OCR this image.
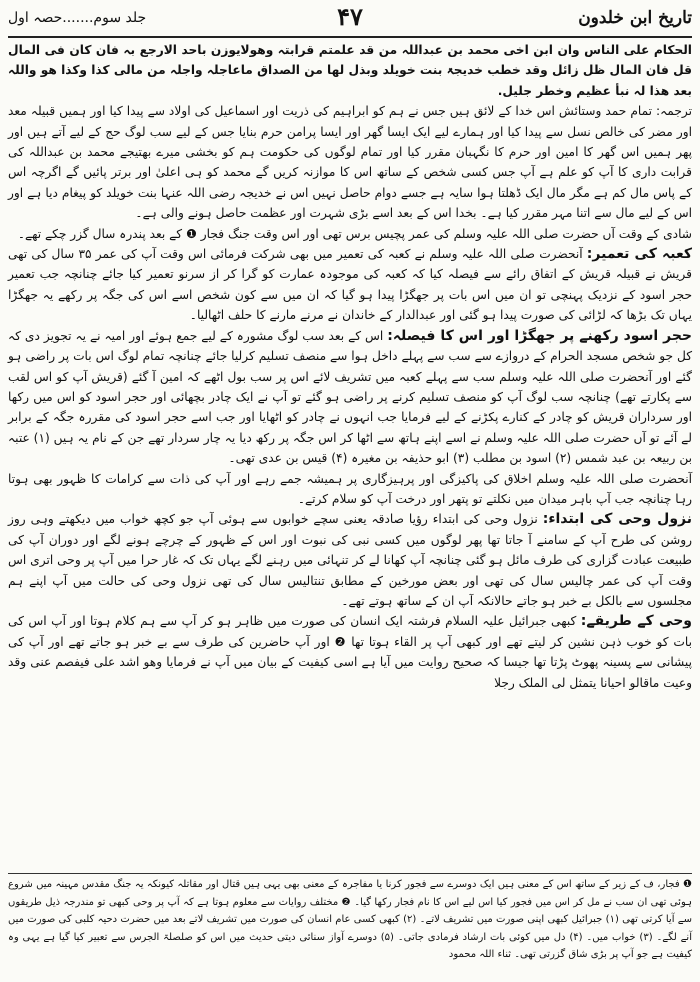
تاریخ ابن خلدون
۴۷
جلد سوم.......حصہ اول

الحکام علی الناس وان ابن اخی محمد بن عبداللہ من قد علمتم قرابتہ وھولایوزن باحد الارجع بہ فان کان فی المال قل فان المال ظل زائل وقد خطب خدیجۃ بنت خویلد وبذل لھا من الصداق ماعاجلہ واجلہ من مالی کذا وکذا ھو واللہ بعد ھذا لہ نبأ عظیم وخطر جلیل.

ترجمہ: تمام حمد وستائش اس خدا کے لائق ہیں جس نے ہم کو ابراہیم کی ذریت اور اسماعیل کی اولاد سے پیدا کیا اور ہمیں قبیلہ معد اور مضر کی خالص نسل سے پیدا کیا اور ہمارے لیے ایک ایسا گھر اور ایسا پرامن حرم بنایا جس کے لیے سب لوگ حج کے لیے آتے ہیں اور پھر ہمیں اس گھر کا امین اور حرم کا نگہبان مقرر کیا اور تمام لوگوں کی حکومت ہم کو بخشی میرے بھتیجے محمد بن عبداللہ کی قرابت داری کا آپ کو علم ہے آپ جس کسی شخص کے ساتھ اس کا موازنہ کریں گے محمد کو ہی اعلیٰ اور برتر پائیں گے اگرچہ اس کے پاس مال کم ہے مگر مال ایک ڈھلتا ہوا سایہ ہے جسے دوام حاصل نہیں اس نے خدیجہ رضی اللہ عنہا بنت خویلد کو پیغام دیا ہے اور اس کے لیے مال سے اتنا مہر مقرر کیا ہے۔ بخدا اس کے بعد اسے بڑی شہرت اور عظمت حاصل ہونے والی ہے۔

شادی کے وقت آں حضرت صلی اللہ علیہ وسلم کی عمر پچیس برس تھی اور اس وقت جنگ فجار ❶ کے بعد پندرہ سال گزر چکے تھے۔

کعبہ کی تعمیر: آنحضرت صلی اللہ علیہ وسلم نے کعبہ کی تعمیر میں بھی شرکت فرمائی اس وقت آپ کی عمر ۳۵ سال کی تھی قریش نے قبیلہ قریش کے اتفاق رائے سے فیصلہ کیا کہ کعبہ کی موجودہ عمارت کو گرا کر از سرنو تعمیر کیا جائے چنانچہ جب تعمیر حجر اسود کے نزدیک پہنچی تو ان میں اس بات پر جھگڑا پیدا ہو گیا کہ ان میں سے کون شخص اسے اس کی جگہ پر رکھے یہ جھگڑا یہاں تک بڑھا کہ لڑائی کی صورت پیدا ہو گئی اور عبدالدار کے خاندان نے مرنے مارنے کا حلف اٹھالیا۔

حجر اسود رکھنے پر جھگڑا اور اس کا فیصلہ: اس کے بعد سب لوگ مشورہ کے لیے جمع ہوئے اور امیہ نے یہ تجویز دی کہ کل جو شخص مسجد الحرام کے دروازے سے سب سے پہلے داخل ہوا سے منصف تسلیم کرلیا جائے چنانچہ تمام لوگ اس بات پر راضی ہو گئے اور آنحضرت صلی اللہ علیہ وسلم سب سے پہلے کعبہ میں تشریف لائے اس پر سب بول اٹھے کہ امین آ گئے (قریش آپ کو اس لقب سے پکارتے تھے) چنانچہ سب لوگ آپ کو منصف تسلیم کرنے پر راضی ہو گئے تو آپ نے ایک چادر بچھائی اور حجر اسود کو اس میں رکھا اور سرداران قریش کو چادر کے کنارے پکڑنے کے لیے فرمایا جب انہوں نے چادر کو اٹھایا اور جب اسے حجر اسود کی مقررہ جگہ کے برابر لے آئے تو آں حضرت صلی اللہ علیہ وسلم نے اسے اپنے ہاتھ سے اٹھا کر اس جگہ پر رکھ دیا یہ چار سردار تھے جن کے نام یہ ہیں (۱) عتبہ بن ربیعہ بن عبد شمس (۲) اسود بن مطلب (۳) ابو حذیفہ بن مغیرہ (۴) قیس بن عدی تھی۔

آنحضرت صلی اللہ علیہ وسلم اخلاق کی پاکیزگی اور پرہیزگاری پر ہمیشہ جمے رہے اور آپ کی ذات سے کرامات کا ظہور بھی ہوتا رہا چنانچہ جب آپ باہر میدان میں نکلتے تو پتھر اور درخت آپ کو سلام کرتے۔

نزول وحی کی ابتداء: نزول وحی کی ابتداء رؤیا صادقہ یعنی سچے خوابوں سے ہوئی آپ جو کچھ خواب میں دیکھتے وہی روز روشن کی طرح آپ کے سامنے آ جاتا تھا پھر لوگوں میں کسی نبی کی نبوت اور اس کے ظہور کے چرچے ہونے لگے اور دوران آپ کی طبیعت عبادت گزاری کی طرف مائل ہو گئی چنانچہ آپ کھانا لے کر تنہائی میں رہنے لگے یہاں تک کہ غار حرا میں آپ پر وحی اتری اس وقت آپ کی عمر چالیس سال کی تھی اور بعض مورخین کے مطابق تنتالیس سال کی تھی نزول وحی کی حالت میں آپ اپنے ہم مجلسوں سے بالکل بے خبر ہو جاتے حالانکہ آپ ان کے ساتھ ہوتے تھے۔

وحی کے طریقے: کبھی جبرائیل علیہ السلام فرشتہ ایک انسان کی صورت میں ظاہر ہو کر آپ سے ہم کلام ہوتا اور آپ اس کی بات کو خوب ذہن نشین کر لیتے تھے اور کبھی آپ پر القاء ہوتا تھا ❷ اور آپ حاضرین کی طرف سے بے خبر ہو جاتے تھے اور آپ کی پیشانی سے پسینہ پھوٹ پڑتا تھا جیسا کہ صحیح روایت میں آیا ہے اسی کیفیت کے بیان میں آپ نے فرمایا وھو اشد علی فیفصم عنی وقد وعیت ماقالو احیانا یتمثل لی الملک رجلا

❶ فجار، ف کے زیر کے ساتھ اس کے معنی ہیں ایک دوسرے سے فجور کرنا یا مفاجرہ کے معنی بھی یہی ہیں قتال اور مقاتلہ کیونکہ یہ جنگ مقدس مہینہ میں شروع ہوئی تھی ان سب نے مل کر اس میں فجور کیا اس لیے اس کا نام فجار رکھا گیا۔ ❷ مختلف روایات سے معلوم ہوتا ہے کہ آپ پر وحی کبھی تو مندرجہ ذیل طریقوں سے آیا کرتی تھی (۱) جبرائیل کبھی اپنی صورت میں تشریف لاتے۔ (۲) کبھی کسی عام انسان کی صورت میں تشریف لاتے بعد میں حضرت دحیہ کلبی کی صورت میں آنے لگے۔ (۳) خواب میں۔ (۴) دل میں کوئی بات ارشاد فرمادی جاتی۔ (۵) دوسرے آواز سنائی دیتی حدیث میں اس کو صلصلۃ الجرس سے تعبیر کیا گیا ہے یہی وہ کیفیت ہے جو آپ پر بڑی شاق گزرتی تھی۔ ثناء اللہ محمود
